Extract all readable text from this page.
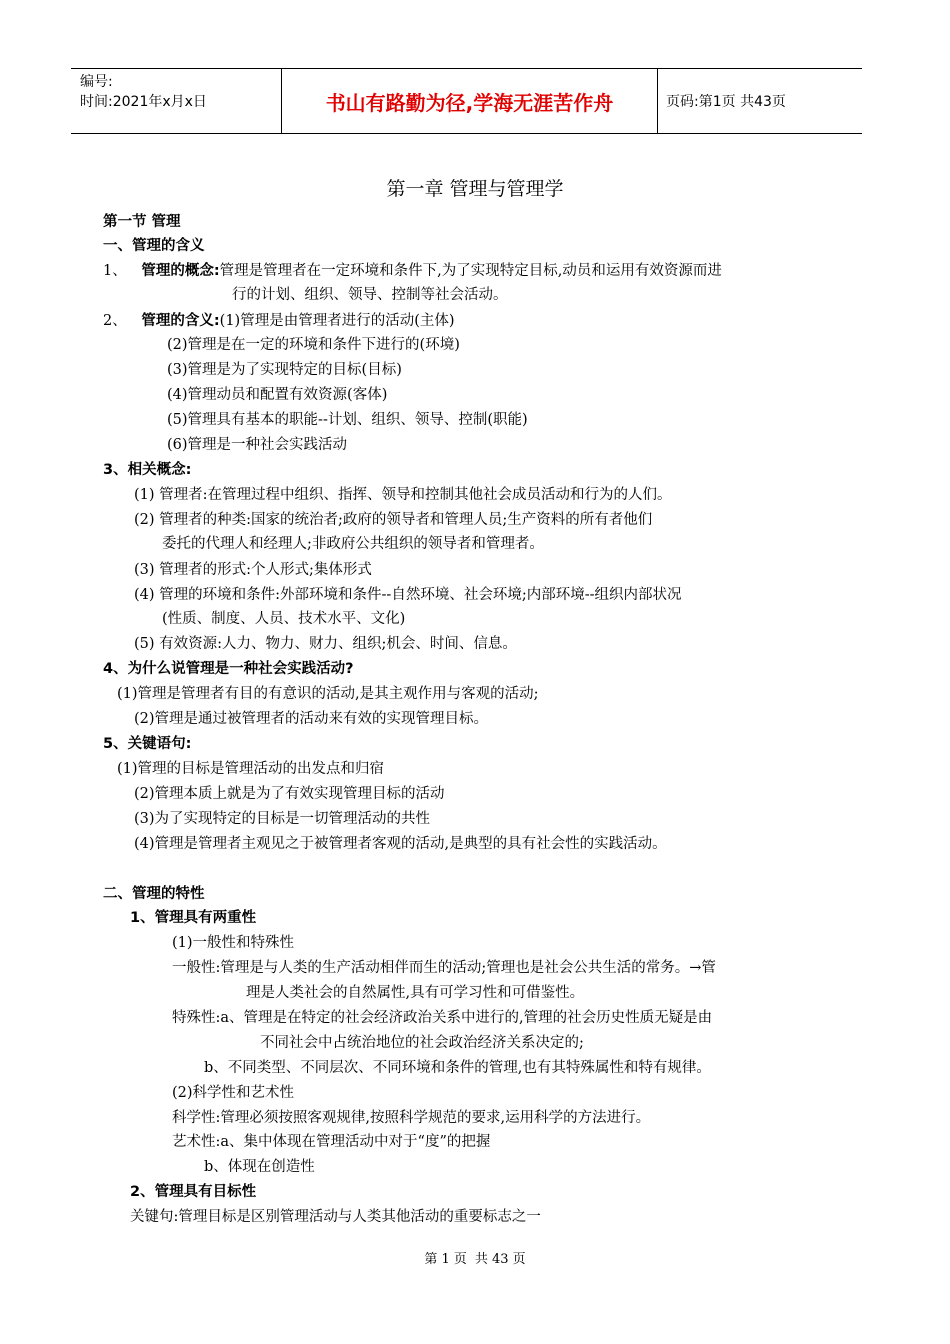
编号:
时间:2021年x月x日	书山有路勤为径,学海无涯苦作舟	页码:第1页 共43页
第一章 管理与管理学
第一节 管理
一、管理的含义
1、 管理的概念:管理是管理者在一定环境和条件下,为了实现特定目标,动员和运用有效资源而进
行的计划、组织、领导、控制等社会活动。
2、 管理的含义:(1)管理是由管理者进行的活动(主体)
(2)管理是在一定的环境和条件下进行的(环境)
(3)管理是为了实现特定的目标(目标)
(4)管理动员和配置有效资源(客体)
(5)管理具有基本的职能--计划、组织、领导、控制(职能)
(6)管理是一种社会实践活动
3、相关概念:
(1) 管理者:在管理过程中组织、指挥、领导和控制其他社会成员活动和行为的人们。
(2) 管理者的种类:国家的统治者;政府的领导者和管理人员;生产资料的所有者他们
委托的代理人和经理人;非政府公共组织的领导者和管理者。
(3) 管理者的形式:个人形式;集体形式
(4) 管理的环境和条件:外部环境和条件--自然环境、社会环境;内部环境--组织内部状况
(性质、制度、人员、技术水平、文化)
(5) 有效资源:人力、物力、财力、组织;机会、时间、信息。
4、为什么说管理是一种社会实践活动?
(1)管理是管理者有目的有意识的活动,是其主观作用与客观的活动;
(2)管理是通过被管理者的活动来有效的实现管理目标。
5、关键语句:
(1)管理的目标是管理活动的出发点和归宿
(2)管理本质上就是为了有效实现管理目标的活动
(3)为了实现特定的目标是一切管理活动的共性
(4)管理是管理者主观见之于被管理者客观的活动,是典型的具有社会性的实践活动。
二、管理的特性
1、管理具有两重性
(1)一般性和特殊性
一般性:管理是与人类的生产活动相伴而生的活动;管理也是社会公共生活的常务。→管
理是人类社会的自然属性,具有可学习性和可借鉴性。
特殊性:a、管理是在特定的社会经济政治关系中进行的,管理的社会历史性质无疑是由
不同社会中占统治地位的社会政治经济关系决定的;
b、不同类型、不同层次、不同环境和条件的管理,也有其特殊属性和特有规律。
(2)科学性和艺术性
科学性:管理必须按照客观规律,按照科学规范的要求,运用科学的方法进行。
艺术性:a、集中体现在管理活动中对于“度”的把握
b、体现在创造性
2、管理具有目标性
关键句:管理目标是区别管理活动与人类其他活动的重要标志之一
第 1 页 共 43 页
